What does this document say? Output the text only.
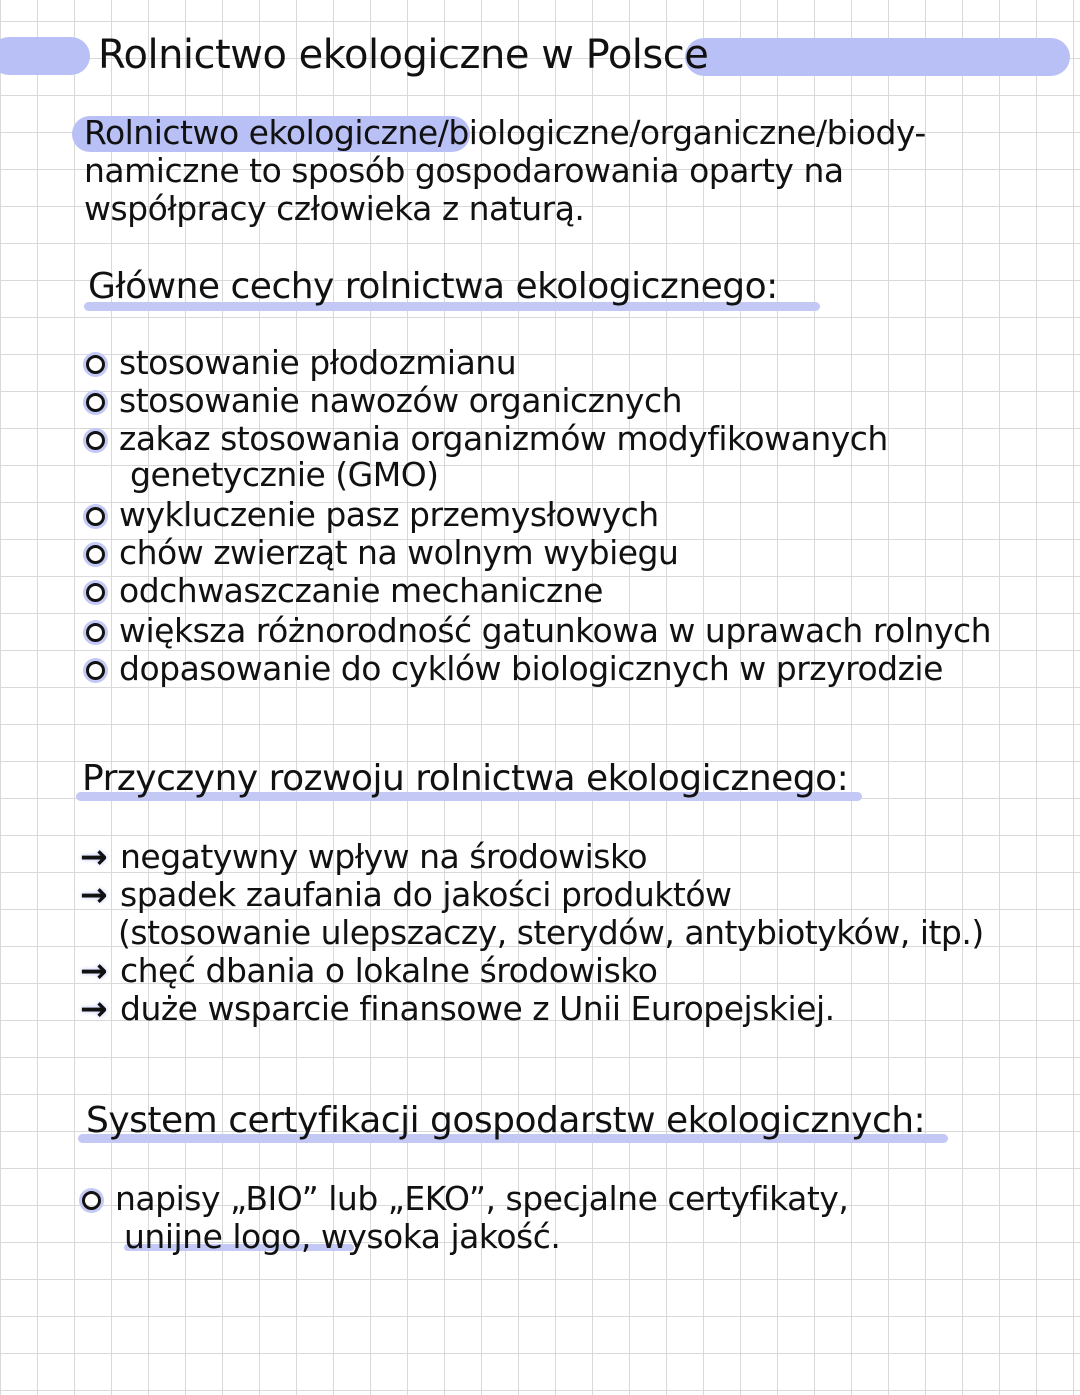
Rolnictwo ekologiczne w Polsce
Rolnictwo ekologiczne/biologiczne/organiczne/biody-
namiczne to sposób gospodarowania oparty na
współpracy człowieka z naturą.
Główne cechy rolnictwa ekologicznego:
stosowanie płodozmianu
stosowanie nawozów organicznych
zakaz stosowania organizmów modyfikowanych
genetycznie (GMO)
wykluczenie pasz przemysłowych
chów zwierząt na wolnym wybiegu
odchwaszczanie mechaniczne
większa różnorodność gatunkowa w uprawach rolnych
dopasowanie do cyklów biologicznych w przyrodzie
Przyczyny rozwoju rolnictwa ekologicznego:
→ negatywny wpływ na środowisko
→ spadek zaufania do jakości produktów
(stosowanie ulepszaczy, sterydów, antybiotyków, itp.)
→ chęć dbania o lokalne środowisko
→ duże wsparcie finansowe z Unii Europejskiej.
System certyfikacji gospodarstw ekologicznych:
napisy „BIO” lub „EKO”, specjalne certyfikaty,
unijne logo, wysoka jakość.
